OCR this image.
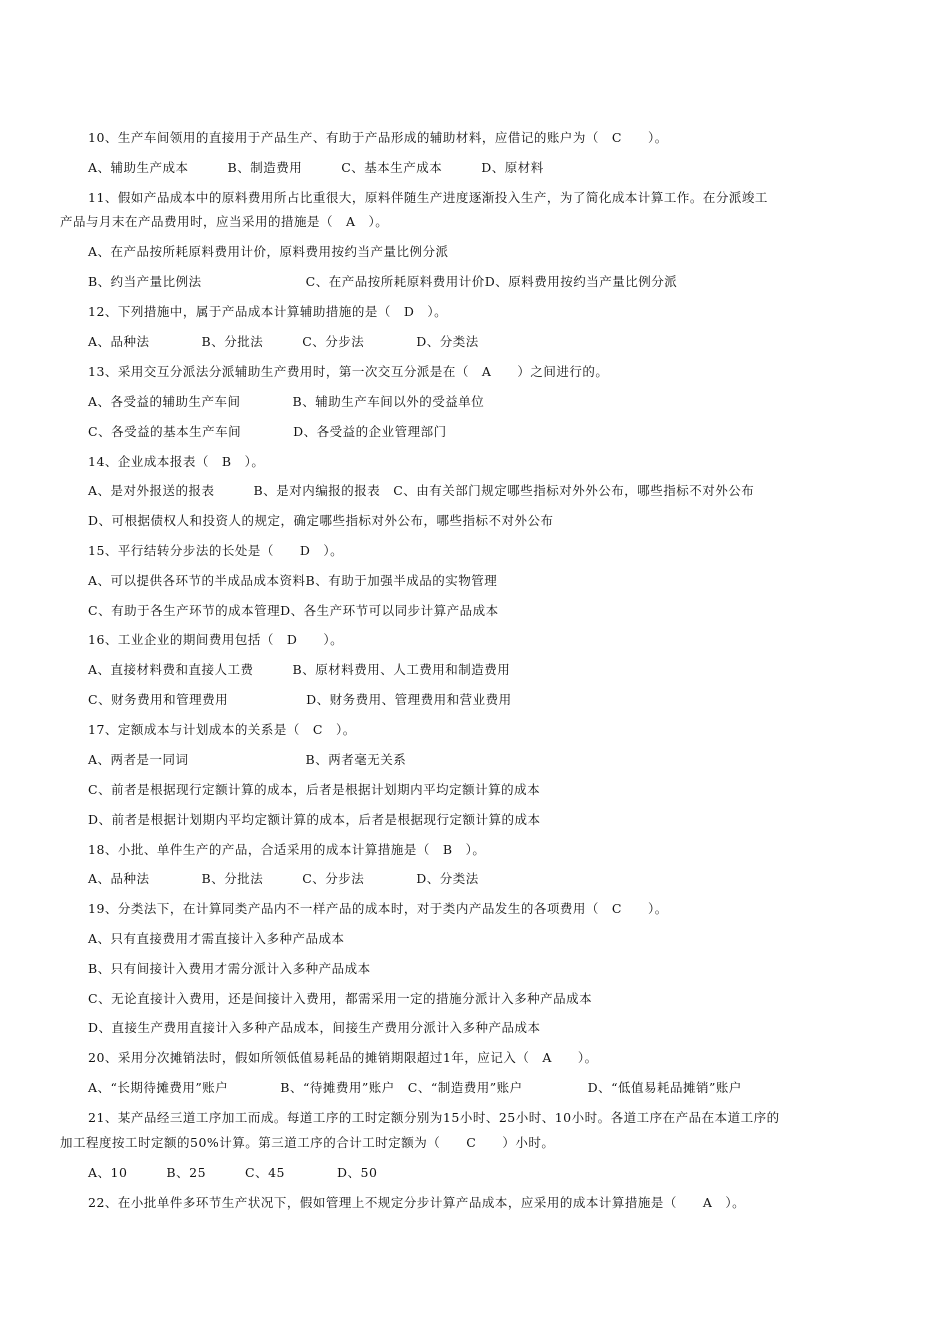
10、生产车间领用的直接用于产品生产、有助于产品形成的辅助材料，应借记的账户为（　C　　）。
A、辅助生产成本　　　B、制造费用　　　C、基本生产成本　　　D、原材料
11、假如产品成本中的原料费用所占比重很大，原料伴随生产进度逐渐投入生产，为了简化成本计算工作。在分派竣工
产品与月末在产品费用时，应当采用的措施是（　A　）。
A、在产品按所耗原料费用计价，原料费用按约当产量比例分派
B、约当产量比例法　　　　　　　　C、在产品按所耗原料费用计价D、原料费用按约当产量比例分派
12、下列措施中，属于产品成本计算辅助措施的是（　D　）。
A、品种法　　　　B、分批法　　　C、分步法　　　　D、分类法
13、采用交互分派法分派辅助生产费用时，第一次交互分派是在（　A　　）之间进行的。
A、各受益的辅助生产车间　　　　B、辅助生产车间以外的受益单位
C、各受益的基本生产车间　　　　D、各受益的企业管理部门
14、企业成本报表（　B　）。
A、是对外报送的报表　　　B、是对内编报的报表　C、由有关部门规定哪些指标对外外公布，哪些指标不对外公布
D、可根据债权人和投资人的规定，确定哪些指标对外公布，哪些指标不对外公布
15、平行结转分步法的长处是（　　D　）。
A、可以提供各环节的半成品成本资料B、有助于加强半成品的实物管理
C、有助于各生产环节的成本管理D、各生产环节可以同步计算产品成本
16、工业企业的期间费用包括（　D　　）。
A、直接材料费和直接人工费　　　B、原材料费用、人工费用和制造费用
C、财务费用和管理费用　　　　　　D、财务费用、管理费用和营业费用
17、定额成本与计划成本的关系是（　C　）。
A、两者是一同词　　　　　　　　　B、两者毫无关系
C、前者是根据现行定额计算的成本，后者是根据计划期内平均定额计算的成本
D、前者是根据计划期内平均定额计算的成本，后者是根据现行定额计算的成本
18、小批、单件生产的产品，合适采用的成本计算措施是（　B　）。
A、品种法　　　　B、分批法　　　C、分步法　　　　D、分类法
19、分类法下，在计算同类产品内不一样产品的成本时，对于类内产品发生的各项费用（　C　　）。
A、只有直接费用才需直接计入多种产品成本
B、只有间接计入费用才需分派计入多种产品成本
C、无论直接计入费用，还是间接计入费用，都需采用一定的措施分派计入多种产品成本
D、直接生产费用直接计入多种产品成本，间接生产费用分派计入多种产品成本
20、采用分次摊销法时，假如所领低值易耗品的摊销期限超过1年，应记入（　A　　）。
A、“长期待摊费用”账户　　　　B、“待摊费用”账户　C、“制造费用”账户　　　　　D、“低值易耗品摊销”账户
21、某产品经三道工序加工而成。每道工序的工时定额分别为15小时、25小时、10小时。各道工序在产品在本道工序的
加工程度按工时定额的50%计算。第三道工序的合计工时定额为（　　C　　）小时。
A、10　　　B、25　　　C、45　　　　D、50
22、在小批单件多环节生产状况下，假如管理上不规定分步计算产品成本，应采用的成本计算措施是（　　A　）。
